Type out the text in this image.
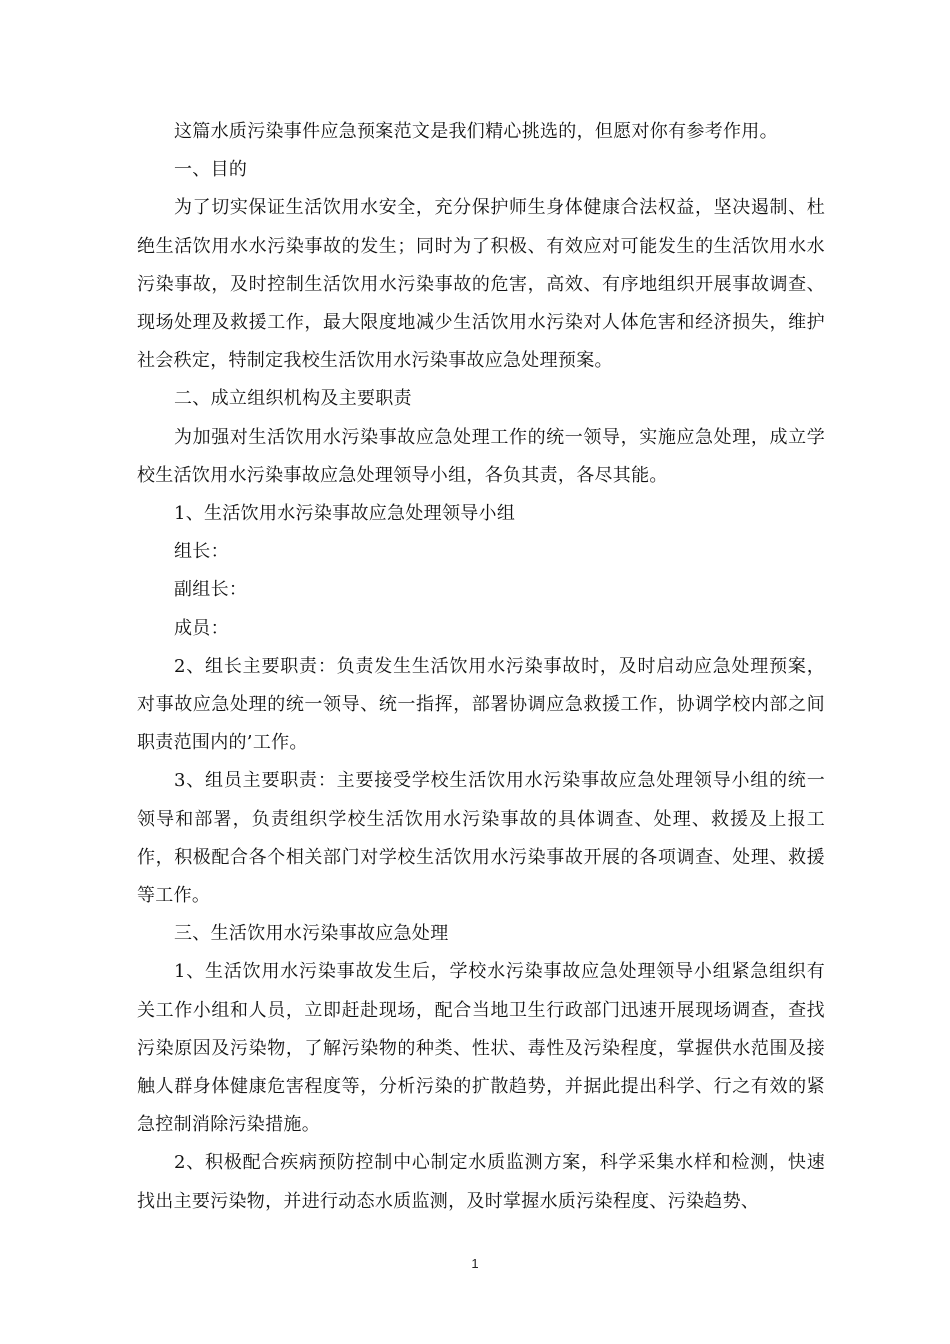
这篇水质污染事件应急预案范文是我们精心挑选的，但愿对你有参考作用。

一、目的

为了切实保证生活饮用水安全，充分保护师生身体健康合法权益，坚决遏制、杜绝生活饮用水水污染事故的发生；同时为了积极、有效应对可能发生的生活饮用水水污染事故，及时控制生活饮用水污染事故的危害，高效、有序地组织开展事故调查、现场处理及救援工作，最大限度地减少生活饮用水污染对人体危害和经济损失，维护社会秩定，特制定我校生活饮用水污染事故应急处理预案。

二、成立组织机构及主要职责

为加强对生活饮用水污染事故应急处理工作的统一领导，实施应急处理，成立学校生活饮用水污染事故应急处理领导小组，各负其责，各尽其能。

1、生活饮用水污染事故应急处理领导小组

组长：

副组长：

成员：

2、组长主要职责：负责发生生活饮用水污染事故时，及时启动应急处理预案，对事故应急处理的统一领导、统一指挥，部署协调应急救援工作，协调学校内部之间职责范围内的’工作。

3、组员主要职责：主要接受学校生活饮用水污染事故应急处理领导小组的统一领导和部署，负责组织学校生活饮用水污染事故的具体调查、处理、救援及上报工作，积极配合各个相关部门对学校生活饮用水污染事故开展的各项调查、处理、救援等工作。

三、生活饮用水污染事故应急处理

1、生活饮用水污染事故发生后，学校水污染事故应急处理领导小组紧急组织有关工作小组和人员，立即赶赴现场，配合当地卫生行政部门迅速开展现场调查，查找污染原因及污染物，了解污染物的种类、性状、毒性及污染程度，掌握供水范围及接触人群身体健康危害程度等，分析污染的扩散趋势，并据此提出科学、行之有效的紧急控制消除污染措施。

2、积极配合疾病预防控制中心制定水质监测方案，科学采集水样和检测，快速找出主要污染物，并进行动态水质监测，及时掌握水质污染程度、污染趋势、

1
